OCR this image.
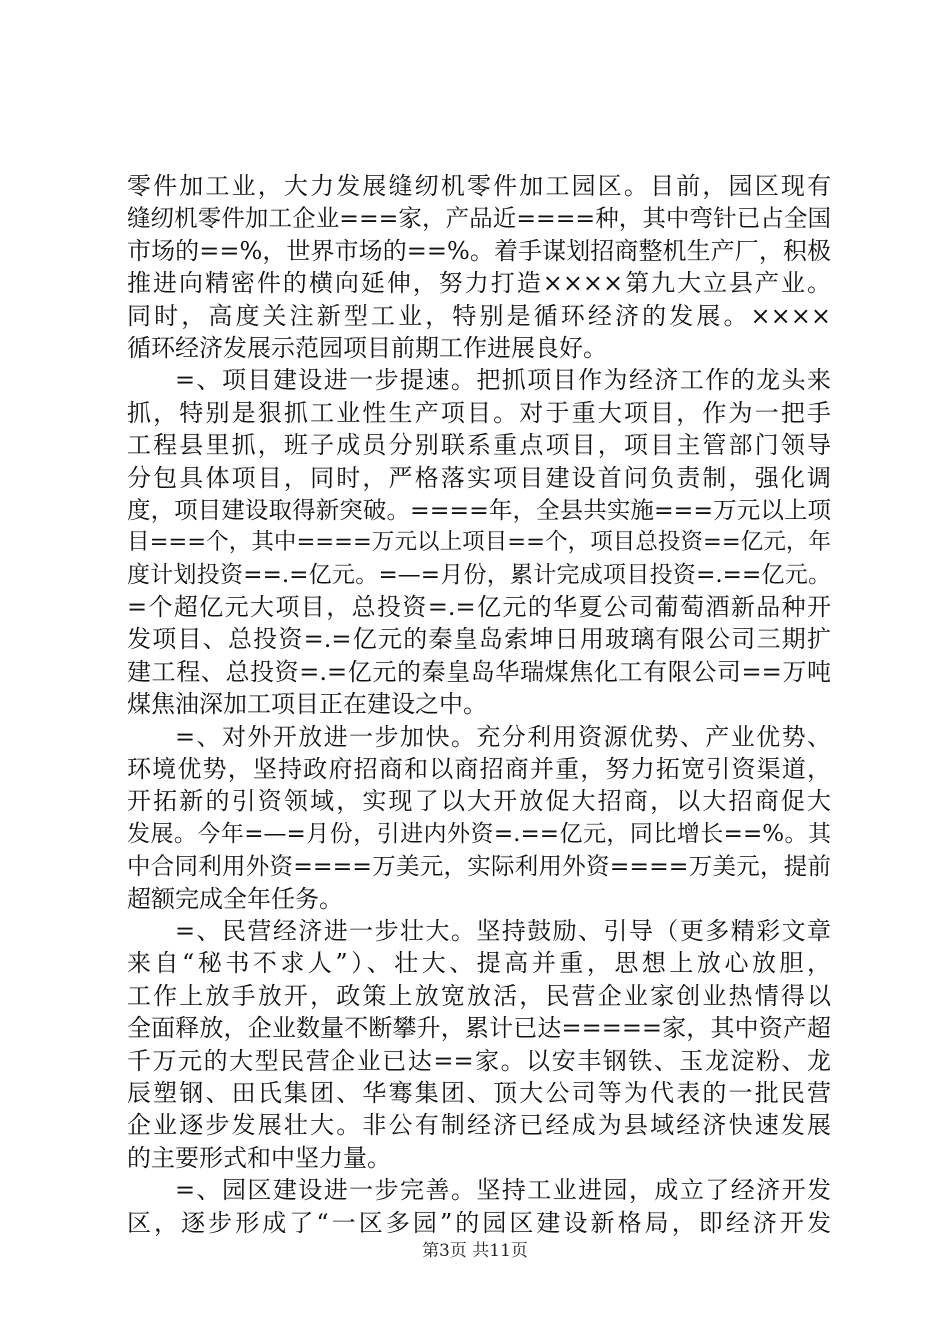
零件加工业，大力发展缝纫机零件加工园区。目前，园区现有
缝纫机零件加工企业===家，产品近====种，其中弯针已占全国
市场的==%，世界市场的==%。着手谋划招商整机生产厂，积极
推进向精密件的横向延伸，努力打造××××第九大立县产业。
同时，高度关注新型工业，特别是循环经济的发展。××××
循环经济发展示范园项目前期工作进展良好。
=、项目建设进一步提速。把抓项目作为经济工作的龙头来
抓，特别是狠抓工业性生产项目。对于重大项目，作为一把手
工程县里抓，班子成员分别联系重点项目，项目主管部门领导
分包具体项目，同时，严格落实项目建设首问负责制，强化调
度，项目建设取得新突破。====年，全县共实施===万元以上项
目===个，其中====万元以上项目==个，项目总投资==亿元，年
度计划投资==.=亿元。=—=月份，累计完成项目投资=.==亿元。
=个超亿元大项目，总投资=.=亿元的华夏公司葡萄酒新品种开
发项目、总投资=.=亿元的秦皇岛索坤日用玻璃有限公司三期扩
建工程、总投资=.=亿元的秦皇岛华瑞煤焦化工有限公司==万吨
煤焦油深加工项目正在建设之中。
=、对外开放进一步加快。充分利用资源优势、产业优势、
环境优势，坚持政府招商和以商招商并重，努力拓宽引资渠道，
开拓新的引资领域，实现了以大开放促大招商，以大招商促大
发展。今年=—=月份，引进内外资=.==亿元，同比增长==%。其
中合同利用外资====万美元，实际利用外资====万美元，提前
超额完成全年任务。
=、民营经济进一步壮大。坚持鼓励、引导（更多精彩文章
来自“秘书不求人”）、壮大、提高并重，思想上放心放胆，
工作上放手放开，政策上放宽放活，民营企业家创业热情得以
全面释放，企业数量不断攀升，累计已达=====家，其中资产超
千万元的大型民营企业已达==家。以安丰钢铁、玉龙淀粉、龙
辰塑钢、田氏集团、华骞集团、顶大公司等为代表的一批民营
企业逐步发展壮大。非公有制经济已经成为县域经济快速发展
的主要形式和中坚力量。
=、园区建设进一步完善。坚持工业进园，成立了经济开发
区，逐步形成了“一区多园”的园区建设新格局，即经济开发
第3页 共11页
